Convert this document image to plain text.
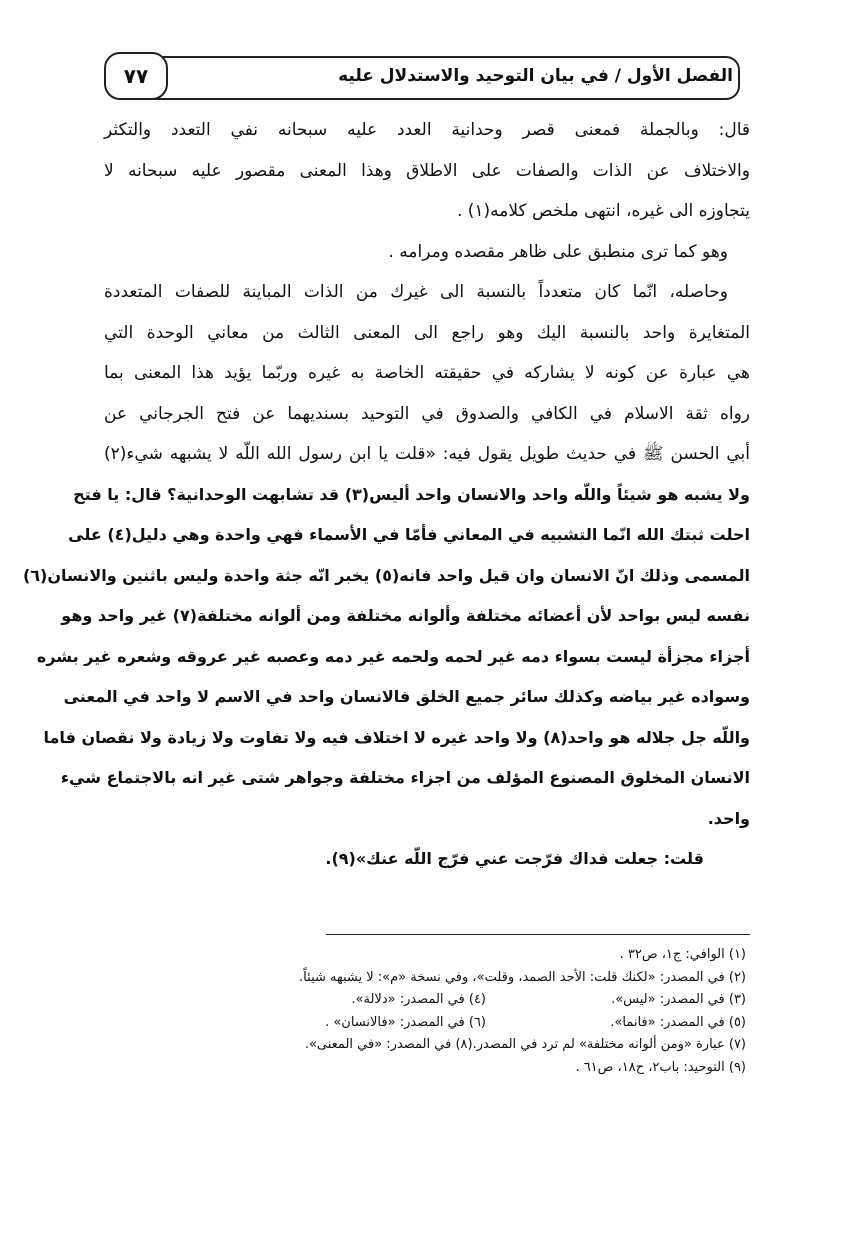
الفصل الأول / في بيان التوحيد والاستدلال عليه
٧٧
قال: وبالجملة فمعنى قصر وحدانية العدد عليه سبحانه نفي التعدد والتكثر
والاختلاف عن الذات والصفات على الاطلاق وهذا المعنى مقصور عليه سبحانه لا
يتجاوزه الى غيره، انتهى ملخص كلامه(١) .
وهو كما ترى منطبق على ظاهر مقصده ومرامه .
وحاصله، انّما كان متعدداً بالنسبة الى غيرك من الذات المباينة للصفات المتعددة
المتغايرة واحد بالنسبة اليك وهو راجع الى المعنى الثالث من معاني الوحدة التي
هي عبارة عن كونه لا يشاركه في حقيقته الخاصة به غيره وربّما يؤيد هذا المعنى بما
رواه ثقة الاسلام في الكافي والصدوق في التوحيد بسنديهما عن فتح الجرجاني عن
أبي الحسن ﷺ في حديث طويل يقول فيه: «قلت يا ابن رسول الله اللّه لا يشبهه شيء(٢)
ولا يشبه هو شيئاً واللّه واحد والانسان واحد أليس(٣) قد تشابهت الوحدانية؟ قال: يا فتح
احلت ثبتك الله انّما التشبيه في المعاني فأمّا في الأسماء فهي واحدة وهي دليل(٤) على
المسمى وذلك انّ الانسان وان قيل واحد فانه(٥) يخبر انّه جثة واحدة وليس باثنين والانسان(٦)
نفسه ليس بواحد لأن أعضائه مختلفة وألوانه مختلفة ومن ألوانه مختلفة(٧) غير واحد وهو
أجزاء مجزأة ليست بسواء دمه غير لحمه ولحمه غير دمه وعصبه غير عروقه وشعره غير بشره
وسواده غير بياضه وكذلك سائر جميع الخلق فالانسان واحد في الاسم لا واحد في المعنى
واللّه جل جلاله هو واحد(٨) ولا واحد غيره لا اختلاف فيه ولا تفاوت ولا زيادة ولا نقصان فاما
الانسان المخلوق المصنوع المؤلف من اجزاء مختلفة وجواهر شتى غير انه بالاجتماع شيء
واحد.
قلت: جعلت فداك فرّجت عني فرّج اللّه عنك»(٩).
(١) الوافي: ج١، ص٣٢ .
(٢) في المصدر: «لكنك قلت: الأحد الصمد، وقلت»، وفي نسخة «م»: لا يشبهه شيئاً.
(٣) في المصدر: «ليس».
(٤) في المصدر: «دلالة».
(٥) في المصدر: «فانما».
(٦) في المصدر: «فالانسان» .
(٧) عبارة «ومن ألوانه مختلفة» لم ترد في المصدر.(٨) في المصدر: «في المعنى».
(٩) التوحيد: باب٢، ح١٨، ص٦١ .
